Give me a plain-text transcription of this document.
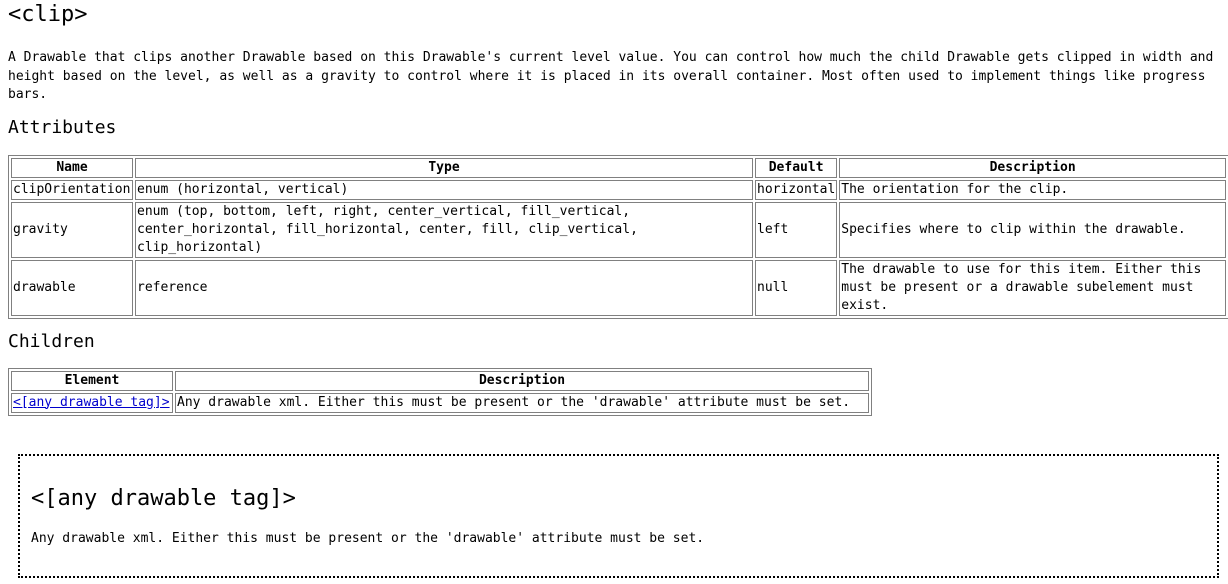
<clip>

A Drawable that clips another Drawable based on this Drawable's current level value. You can control how much the child Drawable gets clipped in width and height based on the level, as well as a gravity to control where it is placed in its overall container. Most often used to implement things like progress bars.

Attributes
Name	Type	Default	Description
clipOrientation	enum (horizontal, vertical)	horizontal	The orientation for the clip.
gravity	enum (top, bottom, left, right, center_vertical, fill_vertical, center_horizontal, fill_horizontal, center, fill, clip_vertical, clip_horizontal)	left	Specifies where to clip within the drawable.
drawable	reference	null	The drawable to use for this item. Either this must be present or a drawable subelement must exist.
Children
Element	Description
<[any drawable tag]>	Any drawable xml. Either this must be present or the 'drawable' attribute must be set.
<[any drawable tag]>

Any drawable xml. Either this must be present or the 'drawable' attribute must be set.
